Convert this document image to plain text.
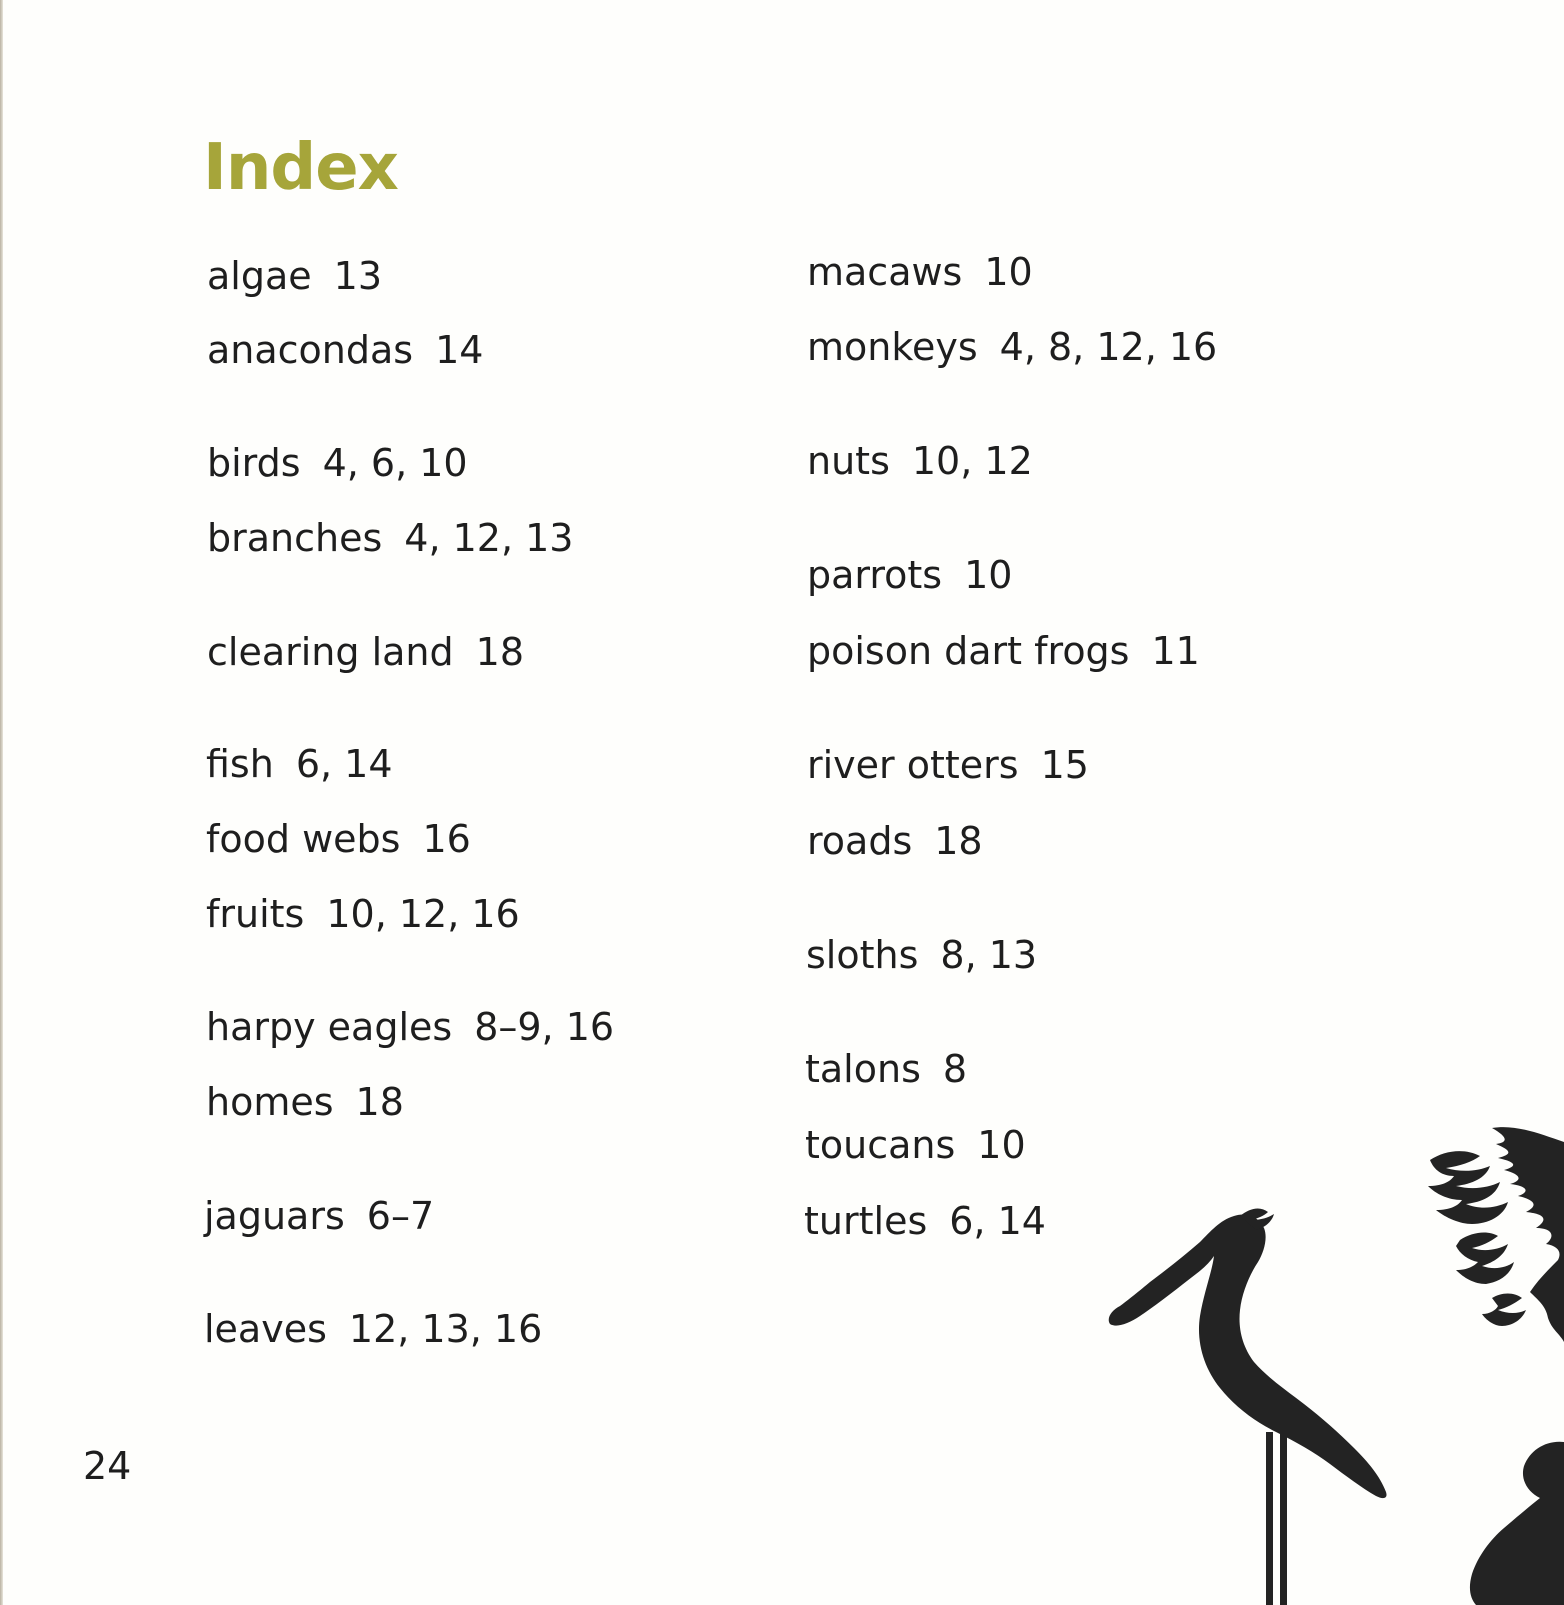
Index
algae 13
anacondas 14
birds 4, 6, 10
branches 4, 12, 13
clearing land 18
fish 6, 14
food webs 16
fruits 10, 12, 16
harpy eagles 8–9, 16
homes 18
jaguars 6–7
leaves 12, 13, 16
macaws 10
monkeys 4, 8, 12, 16
nuts 10, 12
parrots 10
poison dart frogs 11
river otters 15
roads 18
sloths 8, 13
talons 8
toucans 10
turtles 6, 14
24
